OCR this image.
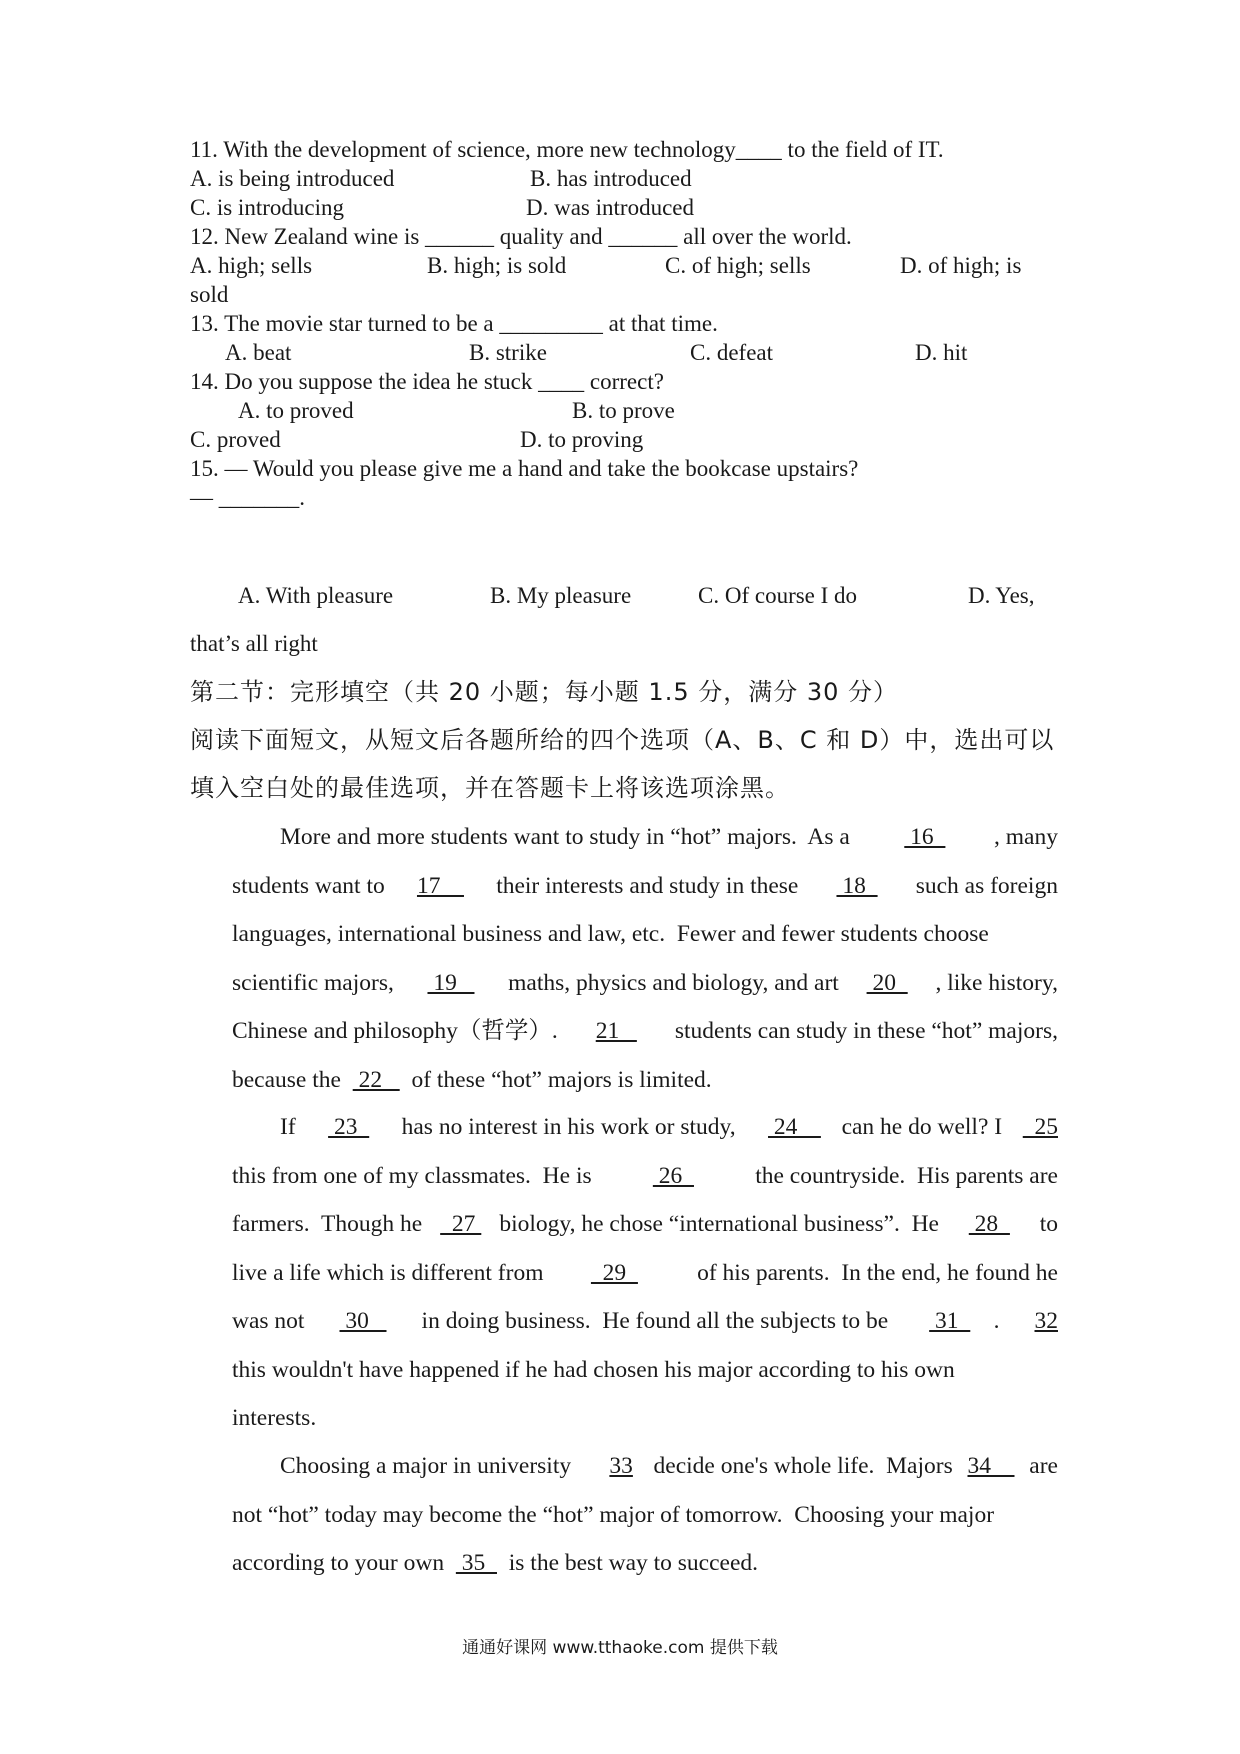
11. With the development of science, more new technology____ to the field of IT.
A. is being introduced	B. has introduced
C. is introducing	D. was introduced
12. New Zealand wine is ______ quality and ______ all over the world.
A. high; sells	B. high; is sold	C. of high; sells	D. of high; is
sold
13. The movie star turned to be a _________ at that time.
A. beat	B. strike	C. defeat	D. hit
14. Do you suppose the idea he stuck ____ correct?
A. to proved	B. to prove
C. proved	D. to proving
15. — Would you please give me a hand and take the bookcase upstairs?
— _______.
A. With pleasure	B. My pleasure	C. Of course I do	D. Yes,
that’s all right
第二节：完形填空（共 20 小题；每小题 1.5 分，满分 30 分）
阅读下面短文，从短文后各题所给的四个选项（A、B、C 和 D）中，选出可以
填入空白处的最佳选项，并在答题卡上将该选项涂黑。
More and more students want to study in “hot” majors.  As a 16 , many
students want to 17 their interests and study in these 18 such as foreign
languages, international business and law, etc.  Fewer and fewer students choose
scientific majors, 19 maths, physics and biology, and art 20 , like history,
Chinese and philosophy（哲学）. 21 students can study in these “hot” majors,
because the   22     of these “hot” majors is limited.
If 23 has no interest in his work or study, 24 can he do well? I 25
this from one of my classmates.  He is 26 the countryside.  His parents are
farmers.  Though he 27 biology, he chose “international business”.  He 28 to
live a life which is different from 29 of his parents.  In the end, he found he
was not 30 in doing business.  He found all the subjects to be 31 . 32
this wouldn't have happened if he had chosen his major according to his own
interests.
Choosing a major in university 33 decide one's whole life.  Majors 34 are
not “hot” today may become the “hot” major of tomorrow.  Choosing your major
according to your own   35    is the best way to succeed.
通通好课网 www.tthaoke.com 提供下载
